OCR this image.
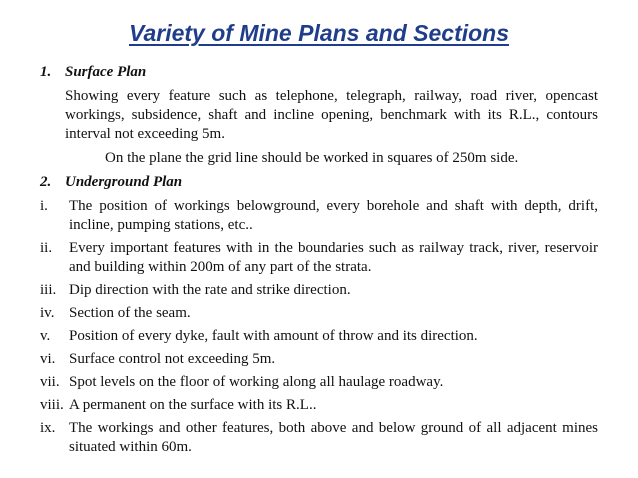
Variety of Mine Plans and Sections
1. Surface Plan
Showing every feature such as telephone, telegraph, railway, road river, opencast workings, subsidence, shaft and incline opening, benchmark with its R.L., contours interval not exceeding 5m.
On the plane the grid line should be worked in squares of 250m side.
2. Underground Plan
i. The position of workings belowground, every borehole and shaft with depth, drift, incline, pumping stations, etc..
ii. Every important features with in the boundaries such as railway track, river, reservoir and building within 200m of any part of the strata.
iii. Dip direction with the rate and strike direction.
iv. Section of the seam.
v. Position of every dyke, fault with amount of throw and its direction.
vi. Surface control not exceeding 5m.
vii. Spot levels on the floor of working along all haulage roadway.
viii. A permanent on the surface with its R.L..
ix. The workings and other features, both above and below ground of all adjacent mines situated within 60m.
